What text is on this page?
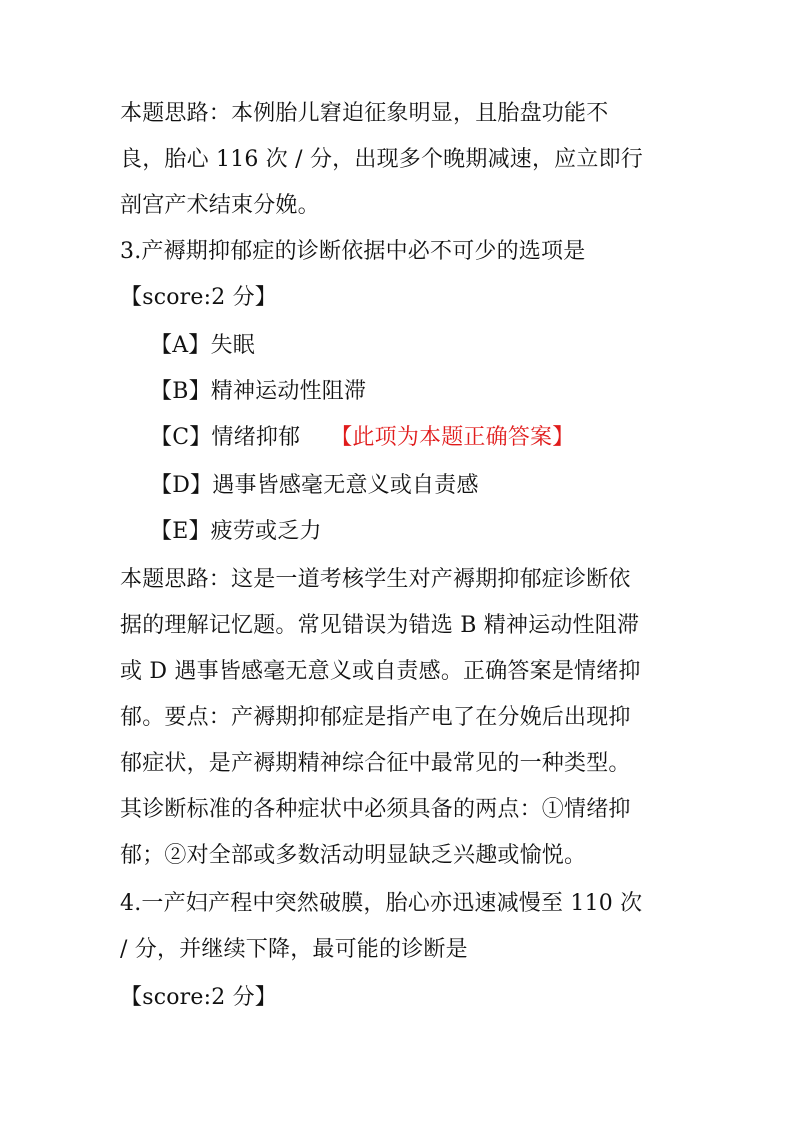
本题思路：本例胎儿窘迫征象明显，且胎盘功能不
良，胎心 116 次 / 分，出现多个晚期减速，应立即行
剖宫产术结束分娩。
3.产褥期抑郁症的诊断依据中必不可少的选项是
【score:2 分】
【A】失眠
【B】精神运动性阻滞
【C】情绪抑郁 【此项为本题正确答案】
【D】遇事皆感毫无意义或自责感
【E】疲劳或乏力
本题思路：这是一道考核学生对产褥期抑郁症诊断依
据的理解记忆题。常见错误为错选 B 精神运动性阻滞
或 D 遇事皆感毫无意义或自责感。正确答案是情绪抑
郁。要点：产褥期抑郁症是指产电了在分娩后出现抑
郁症状，是产褥期精神综合征中最常见的一种类型。
其诊断标准的各种症状中必须具备的两点：①情绪抑
郁；②对全部或多数活动明显缺乏兴趣或愉悦。
4.一产妇产程中突然破膜，胎心亦迅速减慢至 110 次
/ 分，并继续下降，最可能的诊断是
【score:2 分】
